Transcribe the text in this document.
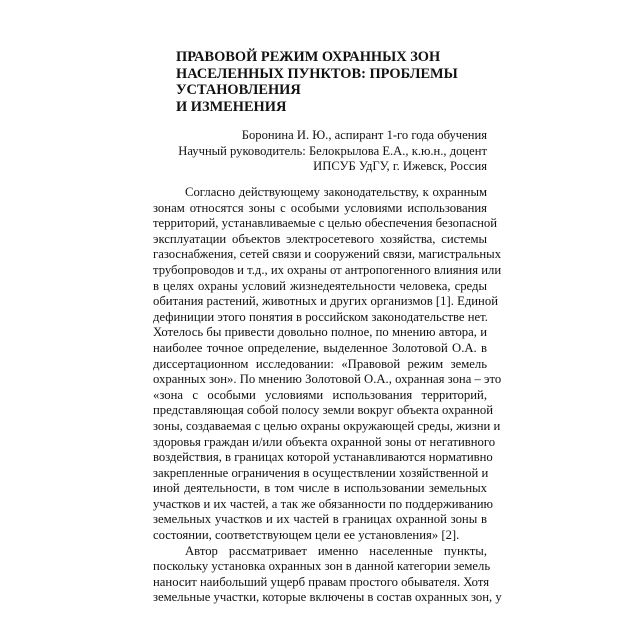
ПРАВОВОЙ РЕЖИМ ОХРАННЫХ ЗОН
НАСЕЛЕННЫХ ПУНКТОВ: ПРОБЛЕМЫ
УСТАНОВЛЕНИЯ
И ИЗМЕНЕНИЯ
Боронина И. Ю., аспирант 1-го года обучения
Научный руководитель: Белокрылова Е.А., к.ю.н., доцент
ИПСУБ УдГУ, г. Ижевск, Россия

Согласно действующему законодательству, к охранным
зонам относятся зоны с особыми условиями использования
территорий, устанавливаемые с целью обеспечения безопасной
эксплуатации объектов электросетевого хозяйства, системы
газоснабжения, сетей связи и сооружений связи, магистральных
трубопроводов и т.д., их охраны от антропогенного влияния или
в целях охраны условий жизнедеятельности человека, среды
обитания растений, животных и других организмов [1]. Единой
дефиниции этого понятия в российском законодательстве нет.
Хотелось бы привести довольно полное, по мнению автора, и
наиболее точное определение, выделенное Золотовой О.А. в
диссертационном исследовании: «Правовой режим земель
охранных зон». По мнению Золотовой О.А., охранная зона – это
«зона с особыми условиями использования территорий,
представляющая собой полосу земли вокруг объекта охранной
зоны, создаваемая с целью охраны окружающей среды, жизни и
здоровья граждан и/или объекта охранной зоны от негативного
воздействия, в границах которой устанавливаются нормативно
закрепленные ограничения в осуществлении хозяйственной и
иной деятельности, в том числе в использовании земельных
участков и их частей, а так же обязанности по поддерживанию
земельных участков и их частей в границах охранной зоны в
состоянии, соответствующем цели ее установления» [2].

Автор рассматривает именно населенные пункты,
поскольку установка охранных зон в данной категории земель
наносит наибольший ущерб правам простого обывателя. Хотя
земельные участки, которые включены в состав охранных зон, у
